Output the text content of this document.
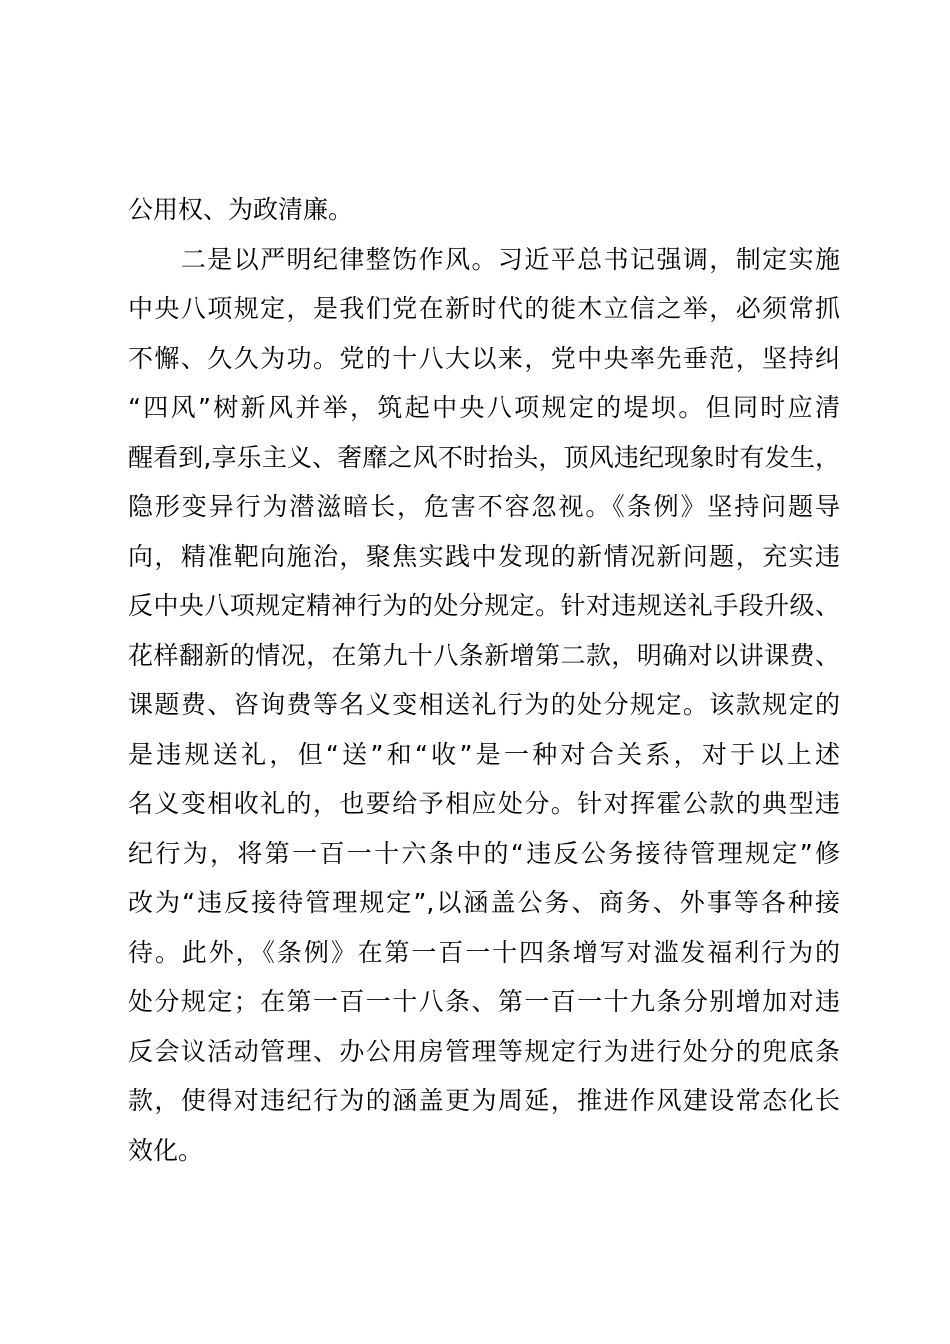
公用权、为政清廉。
　　二是以严明纪律整饬作风。习近平总书记强调，制定实施
中央八项规定，是我们党在新时代的徙木立信之举，必须常抓
不懈、久久为功。党的十八大以来，党中央率先垂范，坚持纠
“四风”树新风并举，筑起中央八项规定的堤坝。但同时应清
醒看到,享乐主义、奢靡之风不时抬头，顶风违纪现象时有发生，
隐形变异行为潜滋暗长，危害不容忽视。《条例》坚持问题导
向，精准靶向施治，聚焦实践中发现的新情况新问题，充实违
反中央八项规定精神行为的处分规定。针对违规送礼手段升级、
花样翻新的情况，在第九十八条新增第二款，明确对以讲课费、
课题费、咨询费等名义变相送礼行为的处分规定。该款规定的
是违规送礼，但“送”和“收”是一种对合关系，对于以上述
名义变相收礼的，也要给予相应处分。针对挥霍公款的典型违
纪行为，将第一百一十六条中的“违反公务接待管理规定”修
改为“违反接待管理规定”,以涵盖公务、商务、外事等各种接
待。此外，《条例》在第一百一十四条增写对滥发福利行为的
处分规定；在第一百一十八条、第一百一十九条分别增加对违
反会议活动管理、办公用房管理等规定行为进行处分的兜底条
款，使得对违纪行为的涵盖更为周延，推进作风建设常态化长
效化。
